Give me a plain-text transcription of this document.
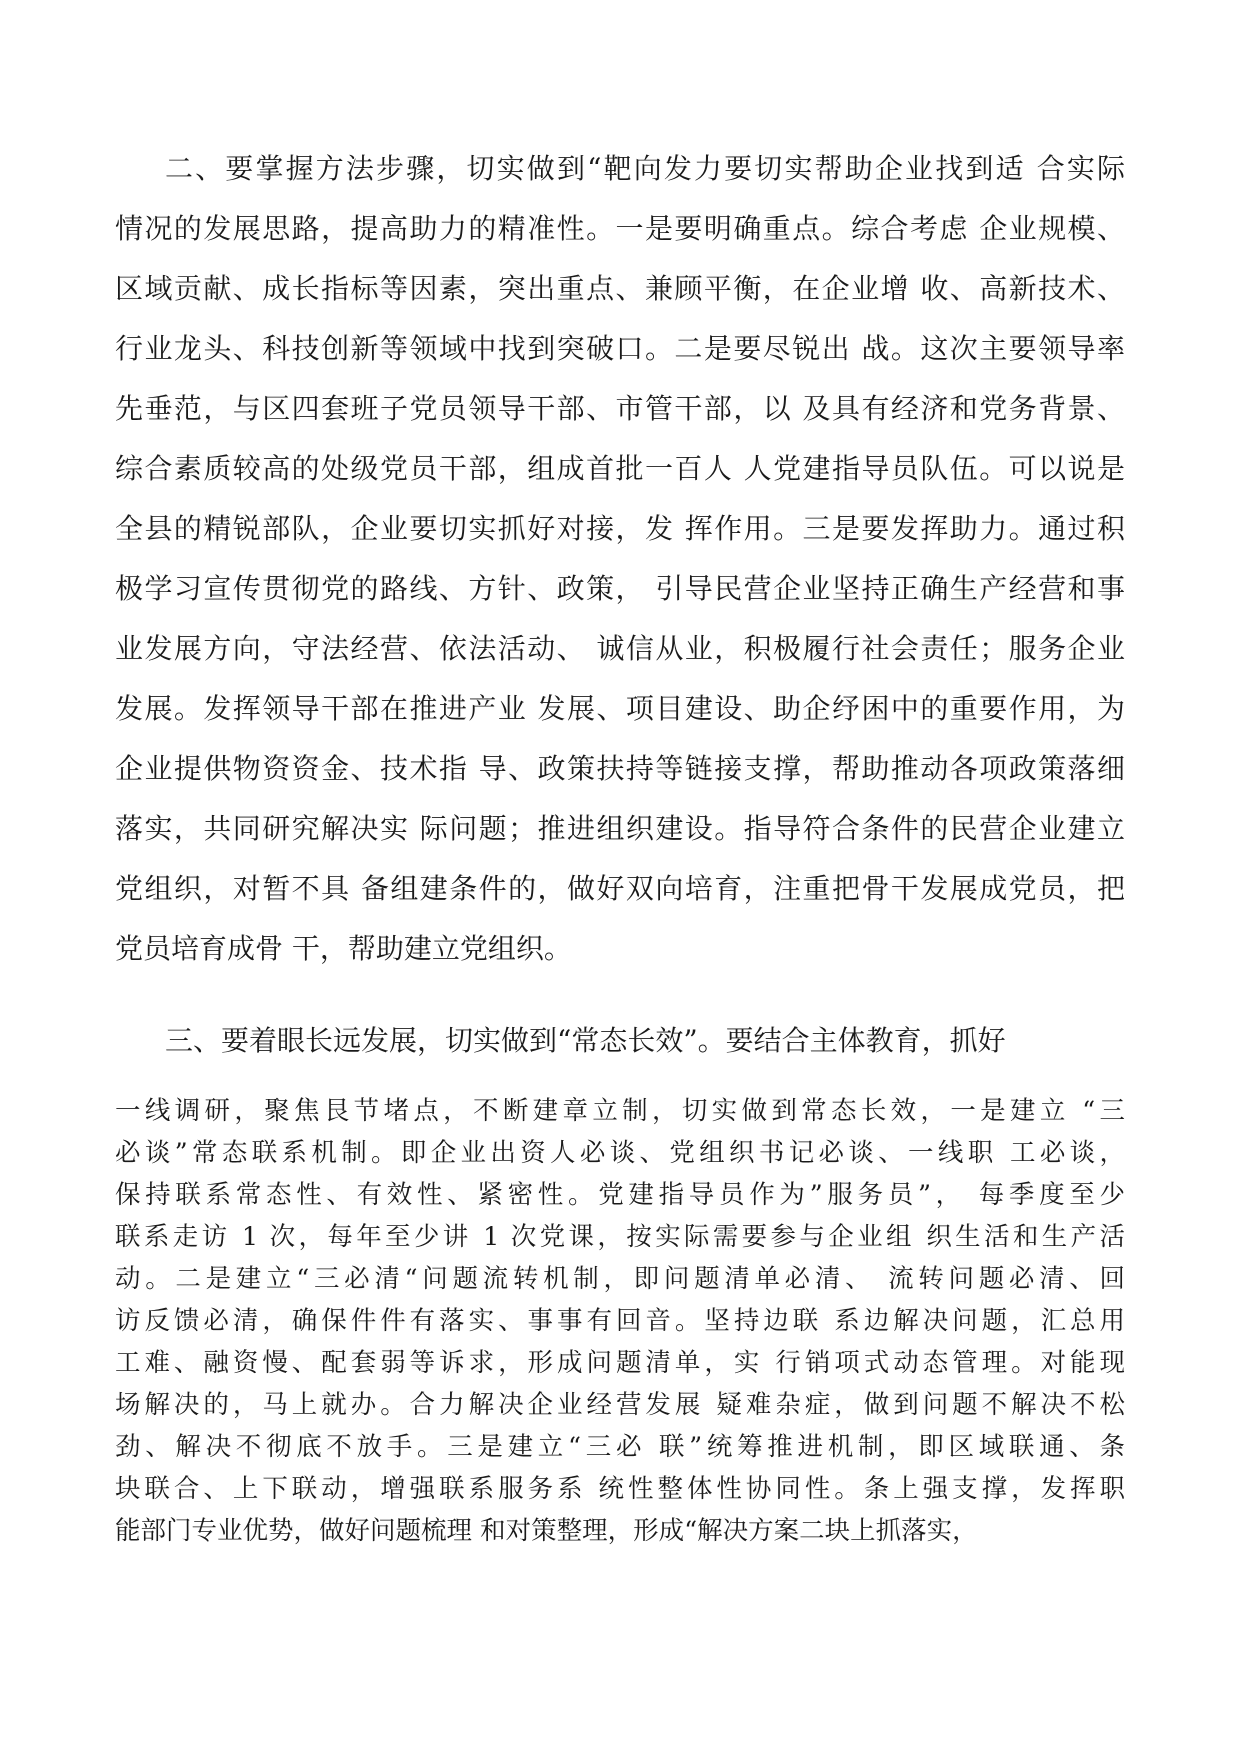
二、要掌握方法步骤，切实做到“靶向发力要切实帮助企业找到适 合实际
情况的发展思路，提高助力的精准性。一是要明确重点。综合考虑 企业规模、
区域贡献、成长指标等因素，突出重点、兼顾平衡，在企业增 收、高新技术、
行业龙头、科技创新等领域中找到突破口。二是要尽锐出 战。这次主要领导率
先垂范，与区四套班子党员领导干部、市管干部，以 及具有经济和党务背景、
综合素质较高的处级党员干部，组成首批一百人 人党建指导员队伍。可以说是
全县的精锐部队，企业要切实抓好对接，发 挥作用。三是要发挥助力。通过积
极学习宣传贯彻党的路线、方针、政策， 引导民营企业坚持正确生产经营和事
业发展方向，守法经营、依法活动、 诚信从业，积极履行社会责任；服务企业
发展。发挥领导干部在推进产业 发展、项目建设、助企纾困中的重要作用，为
企业提供物资资金、技术指 导、政策扶持等链接支撑，帮助推动各项政策落细
落实，共同研究解决实 际问题；推进组织建设。指导符合条件的民营企业建立
党组织，对暂不具 备组建条件的，做好双向培育，注重把骨干发展成党员，把
党员培育成骨 干，帮助建立党组织。
三、要着眼长远发展，切实做到“常态长效”。要结合主体教育，抓好
一线调研，聚焦艮节堵点，不断建章立制，切实做到常态长效，一是建立 “三
必谈”常态联系机制。即企业出资人必谈、党组织书记必谈、一线职 工必谈，
保持联系常态性、有效性、紧密性。党建指导员作为”服务员”， 每季度至少
联系走访 1 次，每年至少讲 1 次党课，按实际需要参与企业组 织生活和生产活
动。二是建立“三必清“问题流转机制，即问题清单必清、 流转问题必清、回
访反馈必清，确保件件有落实、事事有回音。坚持边联 系边解决问题，汇总用
工难、融资慢、配套弱等诉求，形成问题清单，实 行销项式动态管理。对能现
场解决的，马上就办。合力解决企业经营发展 疑难杂症，做到问题不解决不松
劲、解决不彻底不放手。三是建立“三必 联”统筹推进机制，即区域联通、条
块联合、上下联动，增强联系服务系 统性整体性协同性。条上强支撑，发挥职
能部门专业优势，做好问题梳理 和对策整理，形成“解决方案二块上抓落实，
